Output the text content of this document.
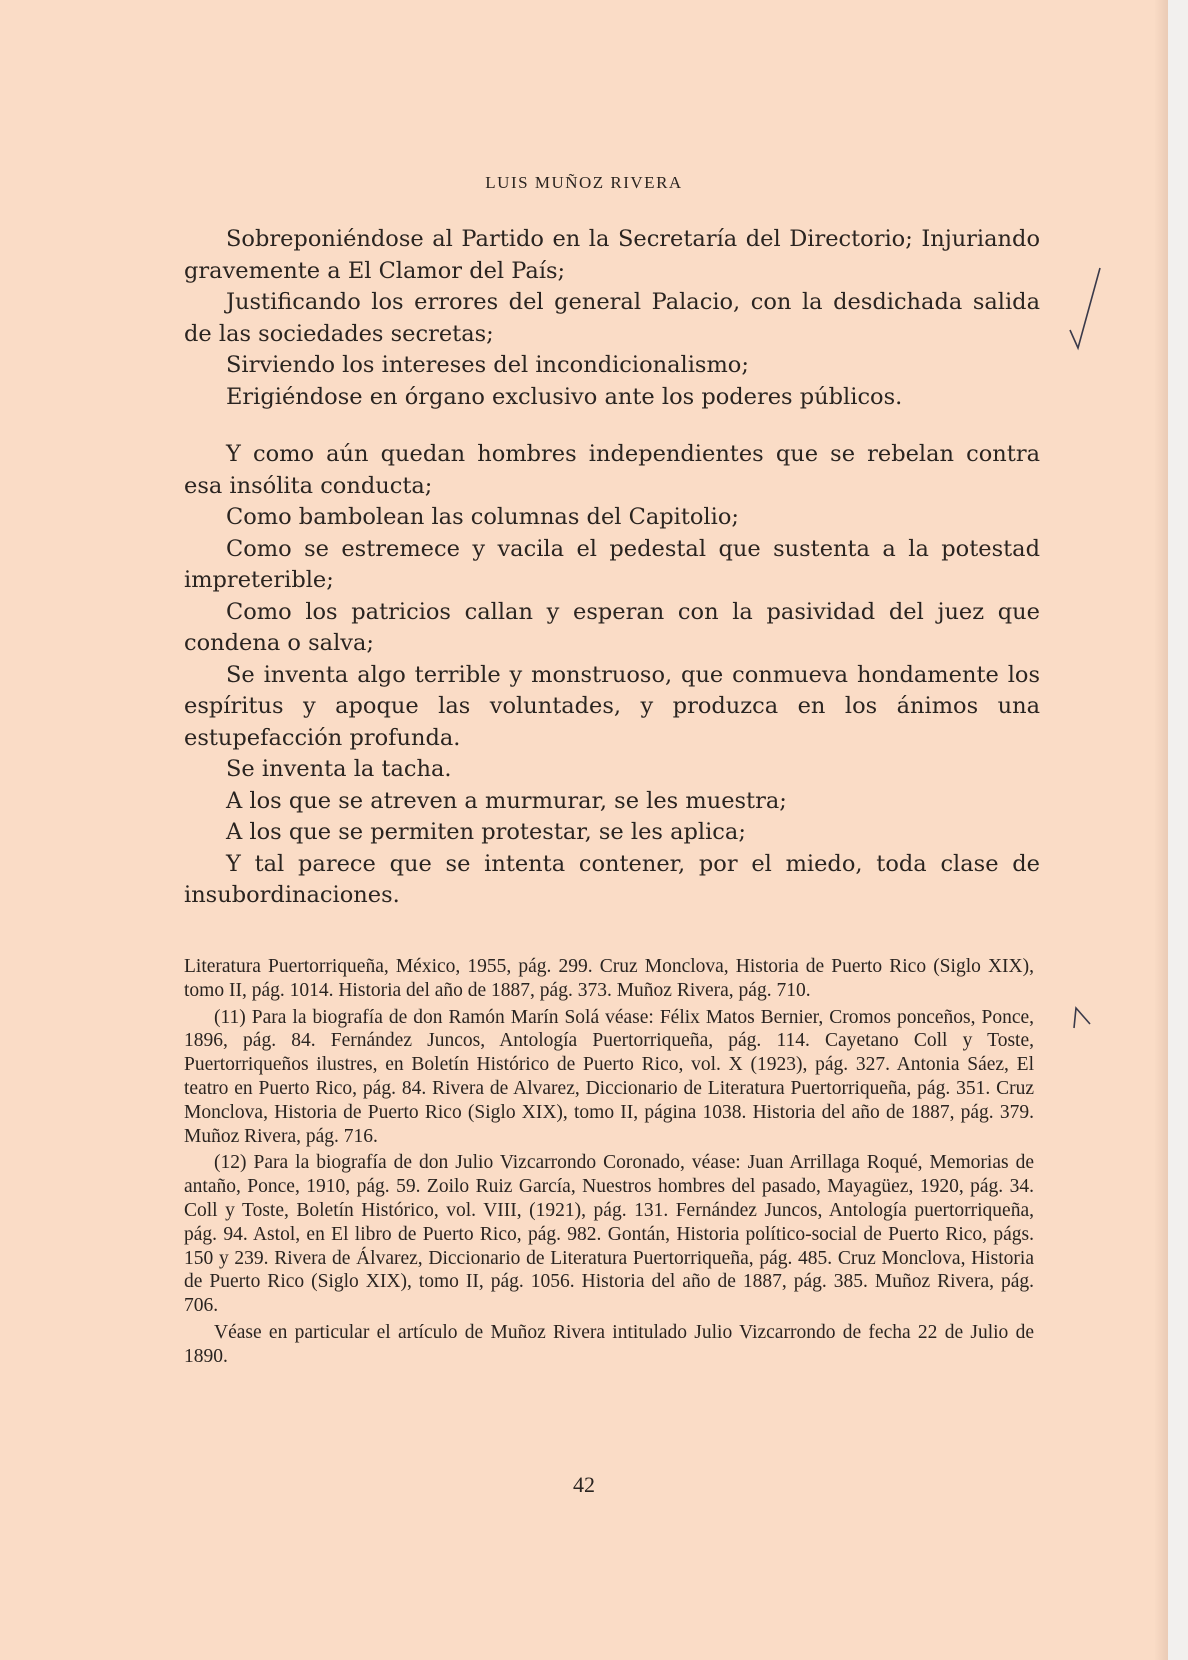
LUIS MUÑOZ RIVERA

Sobreponiéndose al Partido en la Secretaría del Directorio; Injuriando gravemente a El Clamor del País;

Justificando los errores del general Palacio, con la desdichada salida de las sociedades secretas;

Sirviendo los intereses del incondicionalismo;

Erigiéndose en órgano exclusivo ante los poderes públicos.

Y como aún quedan hombres independientes que se rebelan contra esa insólita conducta;

Como bambolean las columnas del Capitolio;

Como se estremece y vacila el pedestal que sustenta a la potestad impreterible;

Como los patricios callan y esperan con la pasividad del juez que condena o salva;

Se inventa algo terrible y monstruoso, que conmueva hondamente los espíritus y apoque las voluntades, y produzca en los ánimos una estupefacción profunda.

Se inventa la tacha.

A los que se atreven a murmurar, se les muestra;

A los que se permiten protestar, se les aplica;

Y tal parece que se intenta contener, por el miedo, toda clase de insubordinaciones.

Literatura Puertorriqueña, México, 1955, pág. 299. Cruz Monclova, Historia de Puerto Rico (Siglo XIX), tomo II, pág. 1014. Historia del año de 1887, pág. 373. Muñoz Rivera, pág. 710.

(11) Para la biografía de don Ramón Marín Solá véase: Félix Matos Bernier, Cromos ponceños, Ponce, 1896, pág. 84. Fernández Juncos, Antología Puertorriqueña, pág. 114. Cayetano Coll y Toste, Puertorriqueños ilustres, en Boletín Histórico de Puerto Rico, vol. X (1923), pág. 327. Antonia Sáez, El teatro en Puerto Rico, pág. 84. Rivera de Alvarez, Diccionario de Literatura Puertorriqueña, pág. 351. Cruz Monclova, Historia de Puerto Rico (Siglo XIX), tomo II, página 1038. Historia del año de 1887, pág. 379. Muñoz Rivera, pág. 716.

(12) Para la biografía de don Julio Vizcarrondo Coronado, véase: Juan Arrillaga Roqué, Memorias de antaño, Ponce, 1910, pág. 59. Zoilo Ruiz García, Nuestros hombres del pasado, Mayagüez, 1920, pág. 34. Coll y Toste, Boletín Histórico, vol. VIII, (1921), pág. 131. Fernández Juncos, Antología puertorriqueña, pág. 94. Astol, en El libro de Puerto Rico, pág. 982. Gontán, Historia político-social de Puerto Rico, págs. 150 y 239. Rivera de Álvarez, Diccionario de Literatura Puertorriqueña, pág. 485. Cruz Monclova, Historia de Puerto Rico (Siglo XIX), tomo II, pág. 1056. Historia del año de 1887, pág. 385. Muñoz Rivera, pág. 706.

Véase en particular el artículo de Muñoz Rivera intitulado Julio Vizcarrondo de fecha 22 de Julio de 1890.

42
